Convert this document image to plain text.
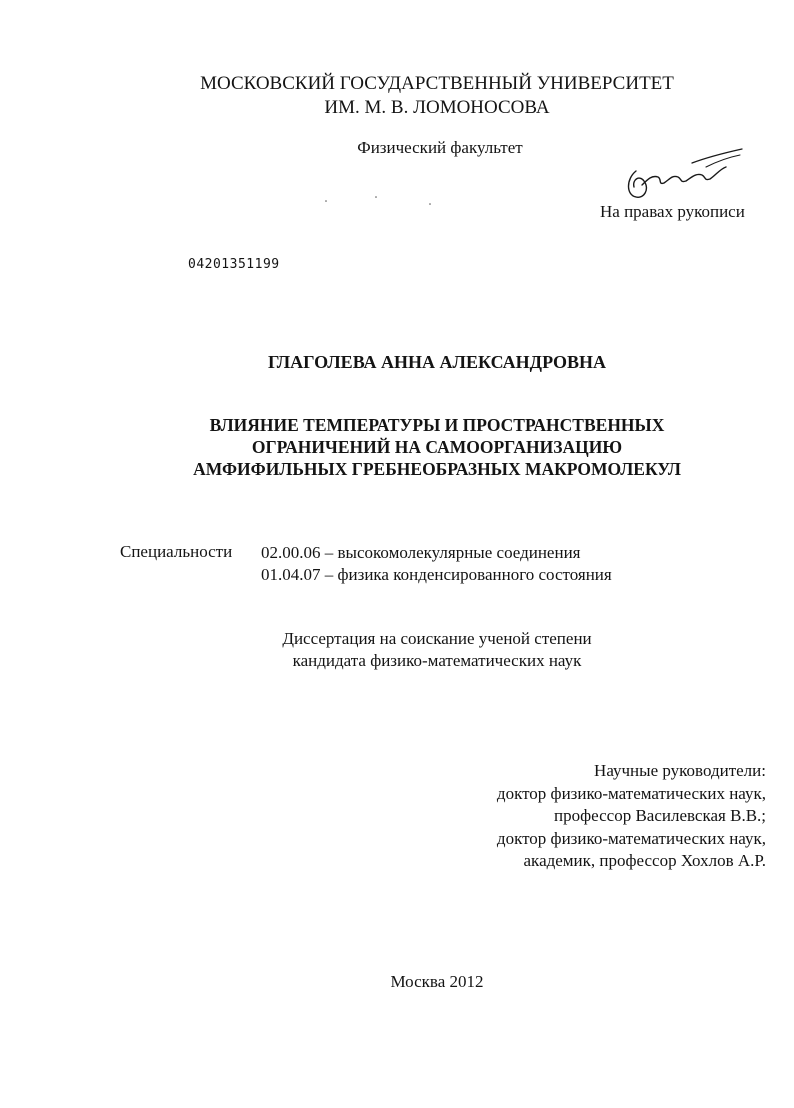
МОСКОВСКИЙ ГОСУДАРСТВЕННЫЙ УНИВЕРСИТЕТ
ИМ. М. В. ЛОМОНОСОВА
Физический факультет
На правах рукописи
04201351199
ГЛАГОЛЕВА АННА АЛЕКСАНДРОВНА
ВЛИЯНИЕ ТЕМПЕРАТУРЫ И ПРОСТРАНСТВЕННЫХ
ОГРАНИЧЕНИЙ НА САМООРГАНИЗАЦИЮ
АМФИФИЛЬНЫХ ГРЕБНЕОБРАЗНЫХ МАКРОМОЛЕКУЛ
Специальности 02.00.06 – высокомолекулярные соединения
01.04.07 – физика конденсированного состояния
Диссертация на соискание ученой степени
кандидата физико-математических наук
Научные руководители:
доктор физико-математических наук,
профессор Василевская В.В.;
доктор физико-математических наук,
академик, профессор Хохлов А.Р.
Москва 2012
